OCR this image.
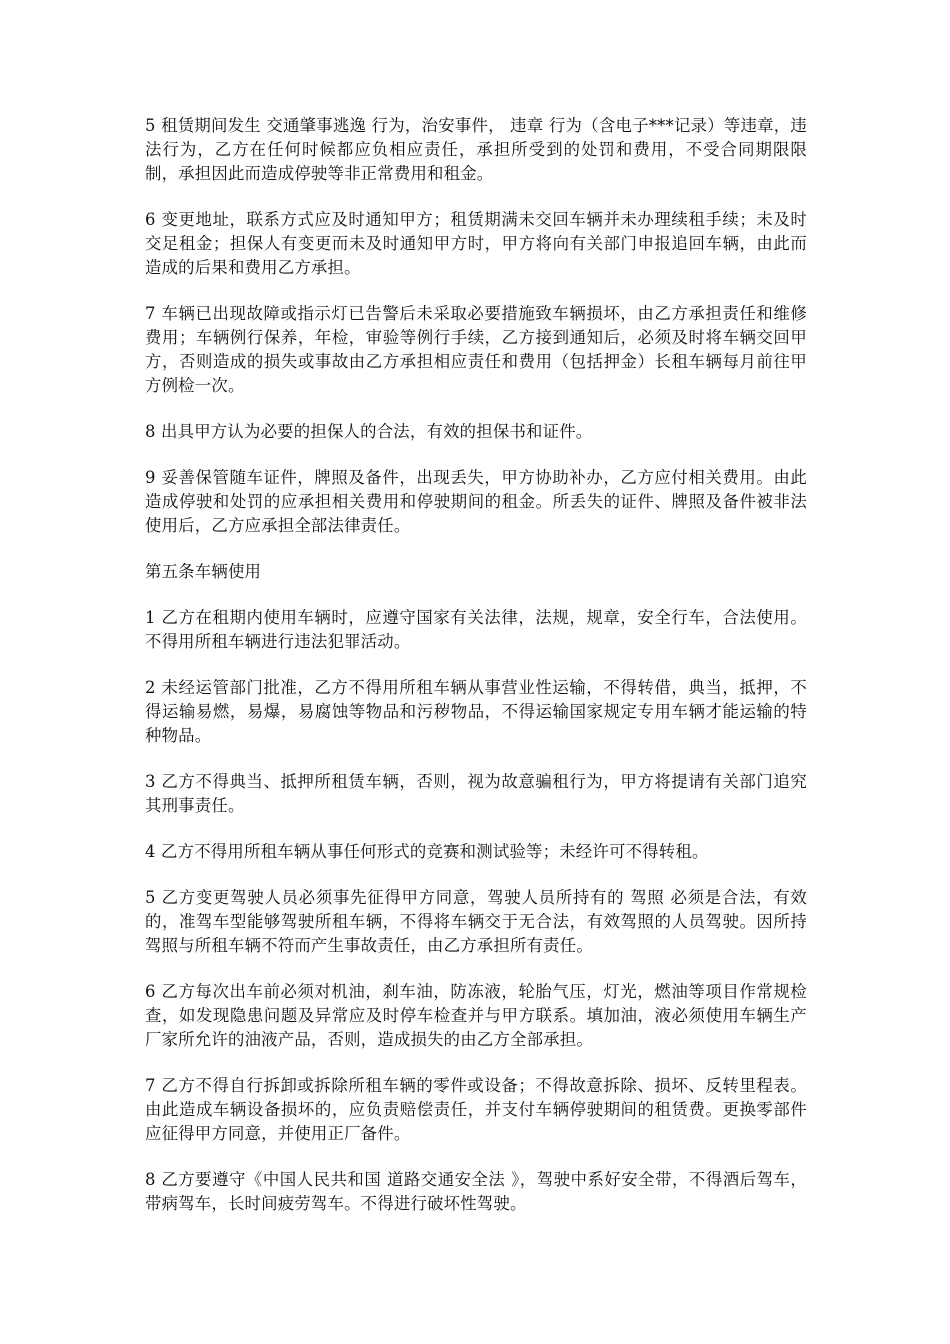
5 租赁期间发生 交通肇事逃逸 行为，治安事件， 违章 行为（含电子***记录）等违章，违法行为，乙方在任何时候都应负相应责任，承担所受到的处罚和费用，不受合同期限限制，承担因此而造成停驶等非正常费用和租金。

6 变更地址，联系方式应及时通知甲方；租赁期满未交回车辆并未办理续租手续；未及时交足租金；担保人有变更而未及时通知甲方时，甲方将向有关部门申报追回车辆，由此而造成的后果和费用乙方承担。

7 车辆已出现故障或指示灯已告警后未采取必要措施致车辆损坏，由乙方承担责任和维修费用；车辆例行保养，年检，审验等例行手续，乙方接到通知后，必须及时将车辆交回甲方，否则造成的损失或事故由乙方承担相应责任和费用（包括押金）长租车辆每月前往甲方例检一次。

8 出具甲方认为必要的担保人的合法，有效的担保书和证件。

9 妥善保管随车证件，牌照及备件，出现丢失，甲方协助补办，乙方应付相关费用。由此造成停驶和处罚的应承担相关费用和停驶期间的租金。所丢失的证件、牌照及备件被非法使用后，乙方应承担全部法律责任。

第五条车辆使用

1 乙方在租期内使用车辆时，应遵守国家有关法律，法规，规章，安全行车，合法使用。不得用所租车辆进行违法犯罪活动。

2 未经运管部门批准，乙方不得用所租车辆从事营业性运输，不得转借，典当，抵押，不得运输易燃，易爆，易腐蚀等物品和污秽物品，不得运输国家规定专用车辆才能运输的特种物品。

3 乙方不得典当、抵押所租赁车辆，否则，视为故意骗租行为，甲方将提请有关部门追究其刑事责任。

4 乙方不得用所租车辆从事任何形式的竞赛和测试验等；未经许可不得转租。

5 乙方变更驾驶人员必须事先征得甲方同意，驾驶人员所持有的 驾照 必须是合法，有效的，准驾车型能够驾驶所租车辆，不得将车辆交于无合法，有效驾照的人员驾驶。因所持驾照与所租车辆不符而产生事故责任，由乙方承担所有责任。

6 乙方每次出车前必须对机油，刹车油，防冻液，轮胎气压，灯光，燃油等项目作常规检查，如发现隐患问题及异常应及时停车检查并与甲方联系。填加油，液必须使用车辆生产厂家所允许的油液产品，否则，造成损失的由乙方全部承担。

7 乙方不得自行拆卸或拆除所租车辆的零件或设备；不得故意拆除、损坏、反转里程表。由此造成车辆设备损坏的，应负责赔偿责任，并支付车辆停驶期间的租赁费。更换零部件应征得甲方同意，并使用正厂备件。

8 乙方要遵守《中国人民共和国 道路交通安全法 》，驾驶中系好安全带，不得酒后驾车，带病驾车，长时间疲劳驾车。不得进行破坏性驾驶。
